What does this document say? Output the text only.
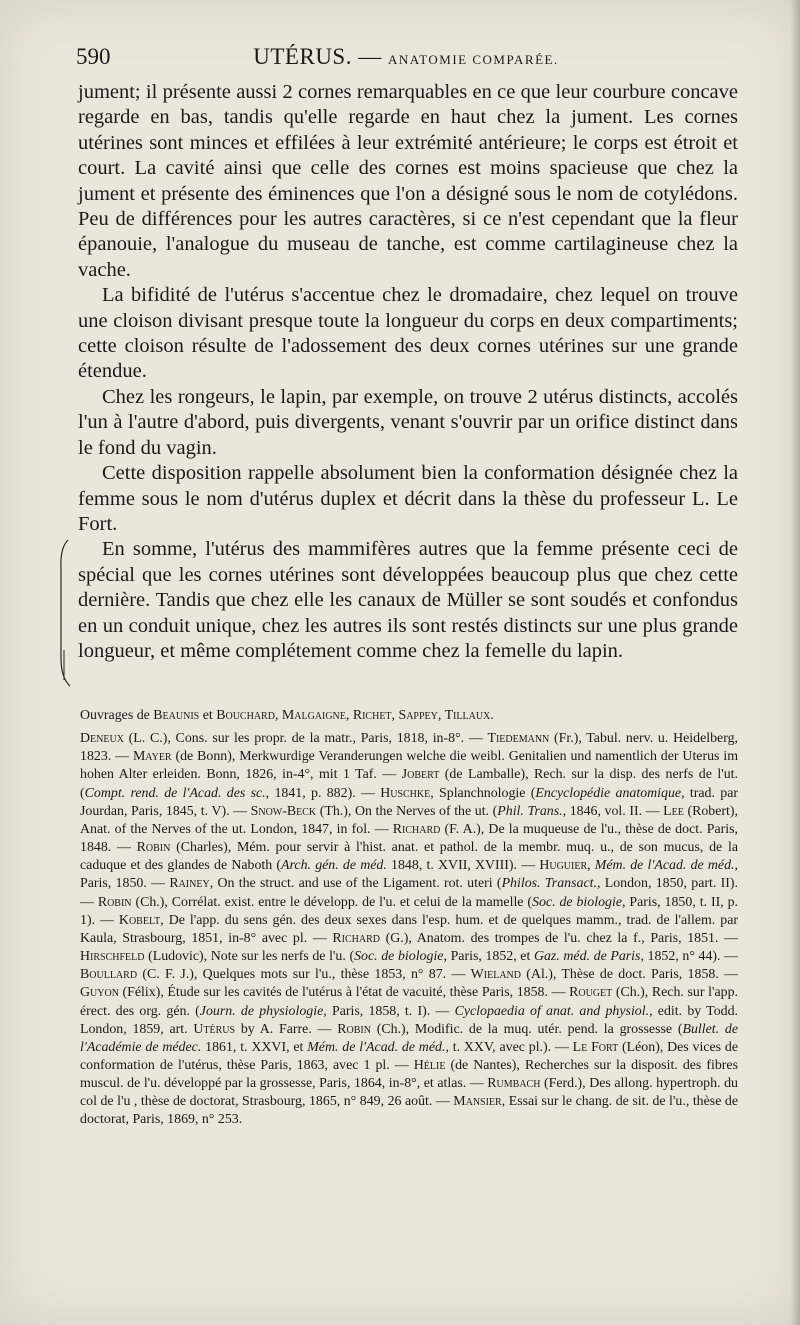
590	UTÉRUS. — ANATOMIE COMPARÉE.

jument; il présente aussi 2 cornes remarquables en ce que leur courbure concave regarde en bas, tandis qu'elle regarde en haut chez la jument. Les cornes utérines sont minces et effilées à leur extrémité antérieure; le corps est étroit et court. La cavité ainsi que celle des cornes est moins spacieuse que chez la jument et présente des éminences que l'on a désigné sous le nom de cotylédons. Peu de différences pour les autres caractères, si ce n'est cependant que la fleur épanouie, l'analogue du museau de tanche, est comme cartilagineuse chez la vache.

La bifidité de l'utérus s'accentue chez le dromadaire, chez lequel on trouve une cloison divisant presque toute la longueur du corps en deux compartiments; cette cloison résulte de l'adossement des deux cornes utérines sur une grande étendue.

Chez les rongeurs, le lapin, par exemple, on trouve 2 utérus distincts, accolés l'un à l'autre d'abord, puis divergents, venant s'ouvrir par un orifice distinct dans le fond du vagin.

Cette disposition rappelle absolument bien la conformation désignée chez la femme sous le nom d'utérus duplex et décrit dans la thèse du professeur L. Le Fort.

En somme, l'utérus des mammifères autres que la femme présente ceci de spécial que les cornes utérines sont développées beaucoup plus que chez cette dernière. Tandis que chez elle les canaux de Müller se sont soudés et confondus en un conduit unique, chez les autres ils sont restés distincts sur une plus grande longueur, et même complétement comme chez la femelle du lapin.

Ouvrages de Beaunis et Bouchard, Malgaigne, Richet, Sappey, Tillaux.

Deneux (L. C.), Cons. sur les propr. de la matr., Paris, 1818, in-8°. — Tiedemann (Fr.), Tabul. nerv. u. Heidelberg, 1823. — Mayer (de Bonn), Merkwurdige Veranderungen welche die weibl. Genitalien und namentlich der Uterus im hohen Alter erleiden. Bonn, 1826, in-4°, mit 1 Taf. — Jobert (de Lamballe), Rech. sur la disp. des nerfs de l'ut. (Compt. rend. de l'Acad. des sc., 1841, p. 882). — Huschke, Splanchnologie (Encyclopédie anatomique, trad. par Jourdan, Paris, 1845, t. V). — Snow-Beck (Th.), On the Nerves of the ut. (Phil. Trans., 1846, vol. II. — Lee (Robert), Anat. of the Nerves of the ut. London, 1847, in fol. — Richard (F. A.), De la muqueuse de l'u., thèse de doct. Paris, 1848. — Robin (Charles), Mém. pour servir à l'hist. anat. et pathol. de la membr. muq. u., de son mucus, de la caduque et des glandes de Naboth (Arch. gén. de méd. 1848, t. XVII, XVIII). — Huguier, Mém. de l'Acad. de méd., Paris, 1850. — Rainey, On the struct. and use of the Ligament. rot. uteri (Philos. Transact., London, 1850, part. II). — Robin (Ch.), Corrélat. exist. entre le développ. de l'u. et celui de la mamelle (Soc. de biologie, Paris, 1850, t. II, p. 1). — Kobelt, De l'app. du sens gén. des deux sexes dans l'esp. hum. et de quelques mamm., trad. de l'allem. par Kaula, Strasbourg, 1851, in-8° avec pl. — Richard (G.), Anatom. des trompes de l'u. chez la f., Paris, 1851. — Hirschfeld (Ludovic), Note sur les nerfs de l'u. (Soc. de biologie, Paris, 1852, et Gaz. méd. de Paris, 1852, n° 44). — Boullard (C. F. J.), Quelques mots sur l'u., thèse 1853, n° 87. — Wieland (Al.), Thèse de doct. Paris, 1858. — Guyon (Félix), Étude sur les cavités de l'utérus à l'état de vacuité, thèse Paris, 1858. — Rouget (Ch.), Rech. sur l'app. érect. des org. gén. (Journ. de physiologie, Paris, 1858, t. I). — Cyclopaedia of anat. and physiol., edit. by Todd. London, 1859, art. Utérus by A. Farre. — Robin (Ch.), Modific. de la muq. utér. pend. la grossesse (Bullet. de l'Académie de médec. 1861, t. XXVI, et Mém. de l'Acad. de méd., t. XXV, avec pl.). — Le Fort (Léon), Des vices de conformation de l'utérus, thèse Paris, 1863, avec 1 pl. — Hélie (de Nantes), Recherches sur la disposit. des fibres muscul. de l'u. développé par la grossesse, Paris, 1864, in-8°, et atlas. — Rumbach (Ferd.), Des allong. hypertroph. du col de l'u , thèse de doctorat, Strasbourg, 1865, n° 849, 26 août. — Mansier, Essai sur le chang. de sit. de l'u., thèse de doctorat, Paris, 1869, n° 253.
